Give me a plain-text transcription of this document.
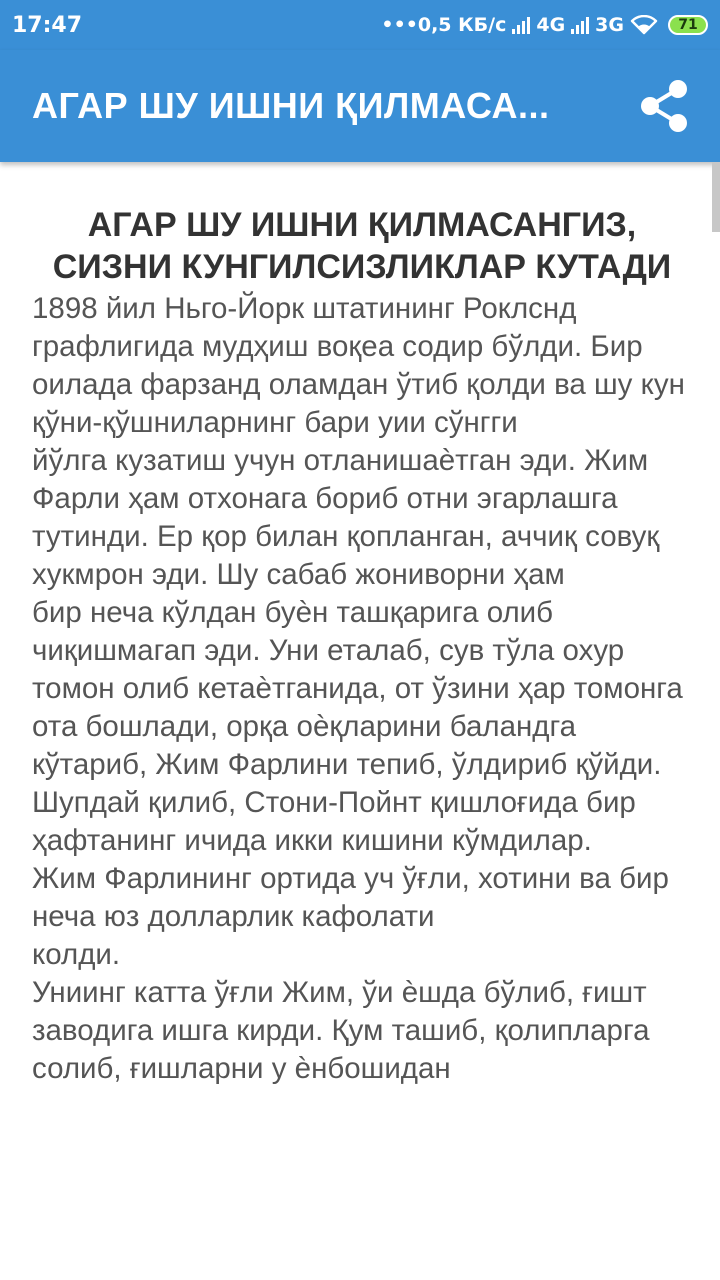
17:47	•••0,5 КБ/с 4G 3G	71
АГАР ШУ ИШНИ ҚИЛМАСА...
АГАР ШУ ИШНИ ҚИЛМАСАНГИЗ,
СИЗНИ КУНГИЛСИЗЛИКЛАР КУТАДИ

1898 йил Ньго-Йорк штатининг Роклснд графлигида мудҳиш воқеа содир бўлди. Бир оилада фарзанд оламдан ўтиб қолди ва шу кун қўни-қўшниларнинг бари уии сўнгги

йўлга кузатиш учун отланишаѐтган эди. Жим Фарли ҳам отхонага бориб отни эгарлашга

тутинди. Ер қор билан қопланган, аччиқ совуқ хукмрон эди. Шу сабаб жониворни ҳам

бир неча кўлдан буѐн ташқарига олиб чиқишмагап эди. Уни еталаб, сув тўла охур томон олиб кетаѐтганида, от ўзини ҳар томонга ота бошлади, орқа оѐқларини баландга

кўтариб, Жим Фарлини тепиб, ўлдириб қўйди. Шупдай қилиб, Стони-Пойнт қишлоғида бир ҳафтанинг ичида икки кишини кўмдилар.

Жим Фарлининг ортида уч ўғли, хотини ва бир неча юз долларлик кафолати

колди.

Униинг катта ўғли Жим, ўи ѐшда бўлиб, ғишт заводига ишга кирди. Қум ташиб, қолипларга солиб, ғишларни у ѐнбошидан
